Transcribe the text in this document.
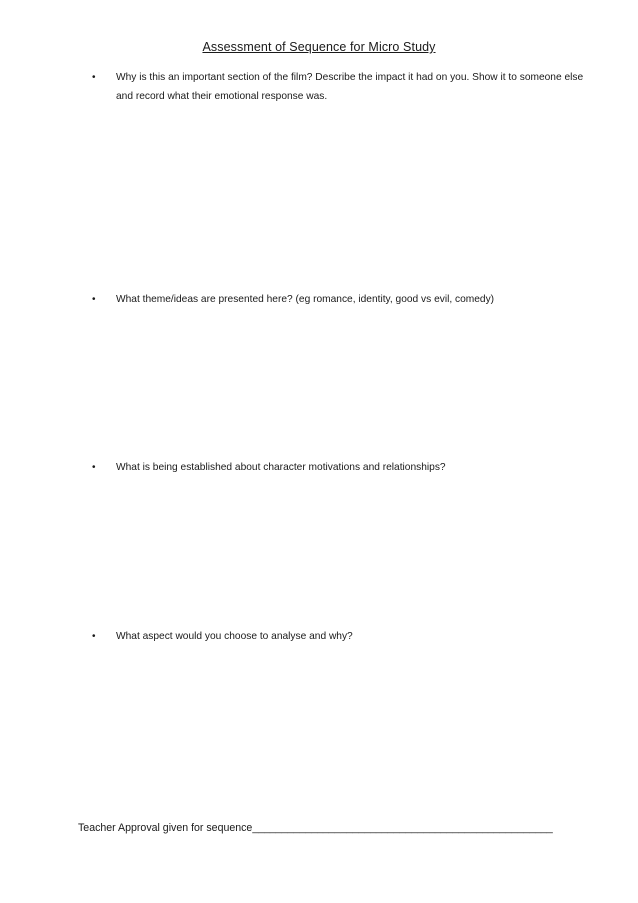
Assessment of Sequence for Micro Study
•	Why is this an important section of the film? Describe the impact it had on you. Show it to someone else and record what their emotional response was.
•	What theme/ideas are presented here? (eg romance, identity, good vs evil, comedy)
•	What is being established about character motivations and relationships?
•	What aspect would you choose to analyse and why?
Teacher Approval given for sequence___________________________________________________
